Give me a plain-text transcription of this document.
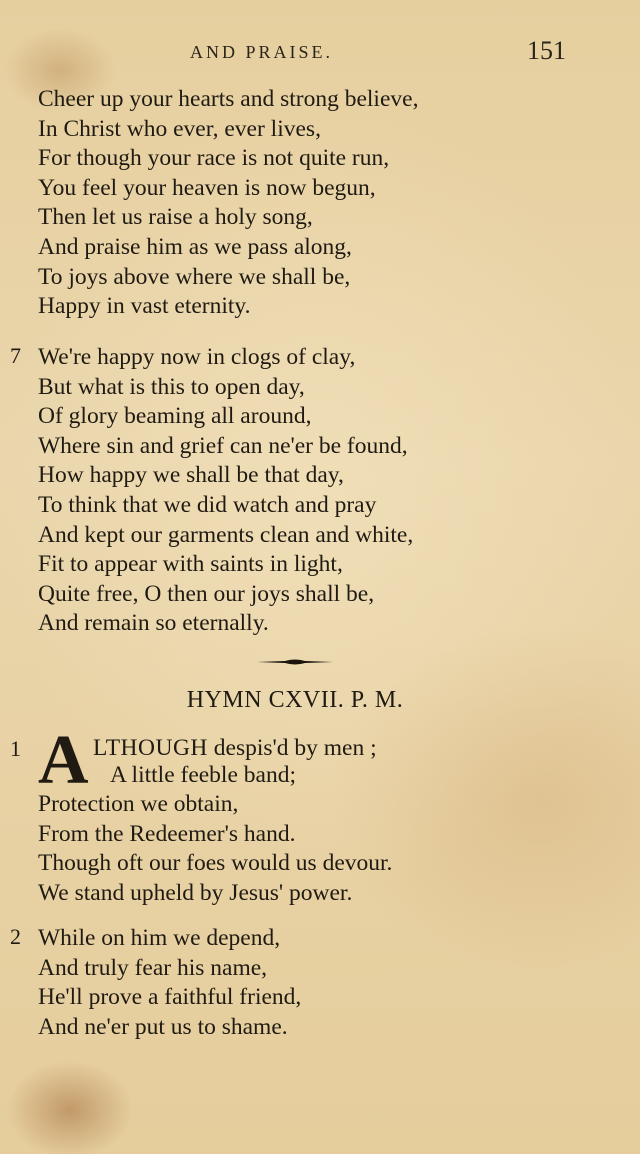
AND PRAISE.	151
Cheer up your hearts and strong believe,
In Christ who ever, ever lives,
For though your race is not quite run,
You feel your heaven is now begun,
Then let us raise a holy song,
And praise him as we pass along,
To joys above where we shall be,
Happy in vast eternity.
7 We're happy now in clogs of clay,
But what is this to open day,
Of glory beaming all around,
Where sin and grief can ne'er be found,
How happy we shall be that day,
To think that we did watch and pray
And kept our garments clean and white,
Fit to appear with saints in light,
Quite free, O then our joys shall be,
And remain so eternally.
HYMN CXVII. P. M.
1 A LTHOUGH despis'd by men ;
A little feeble band;
Protection we obtain,
From the Redeemer's hand.
Though oft our foes would us devour.
We stand upheld by Jesus' power.
2 While on him we depend,
And truly fear his name,
He'll prove a faithful friend,
And ne'er put us to shame.
